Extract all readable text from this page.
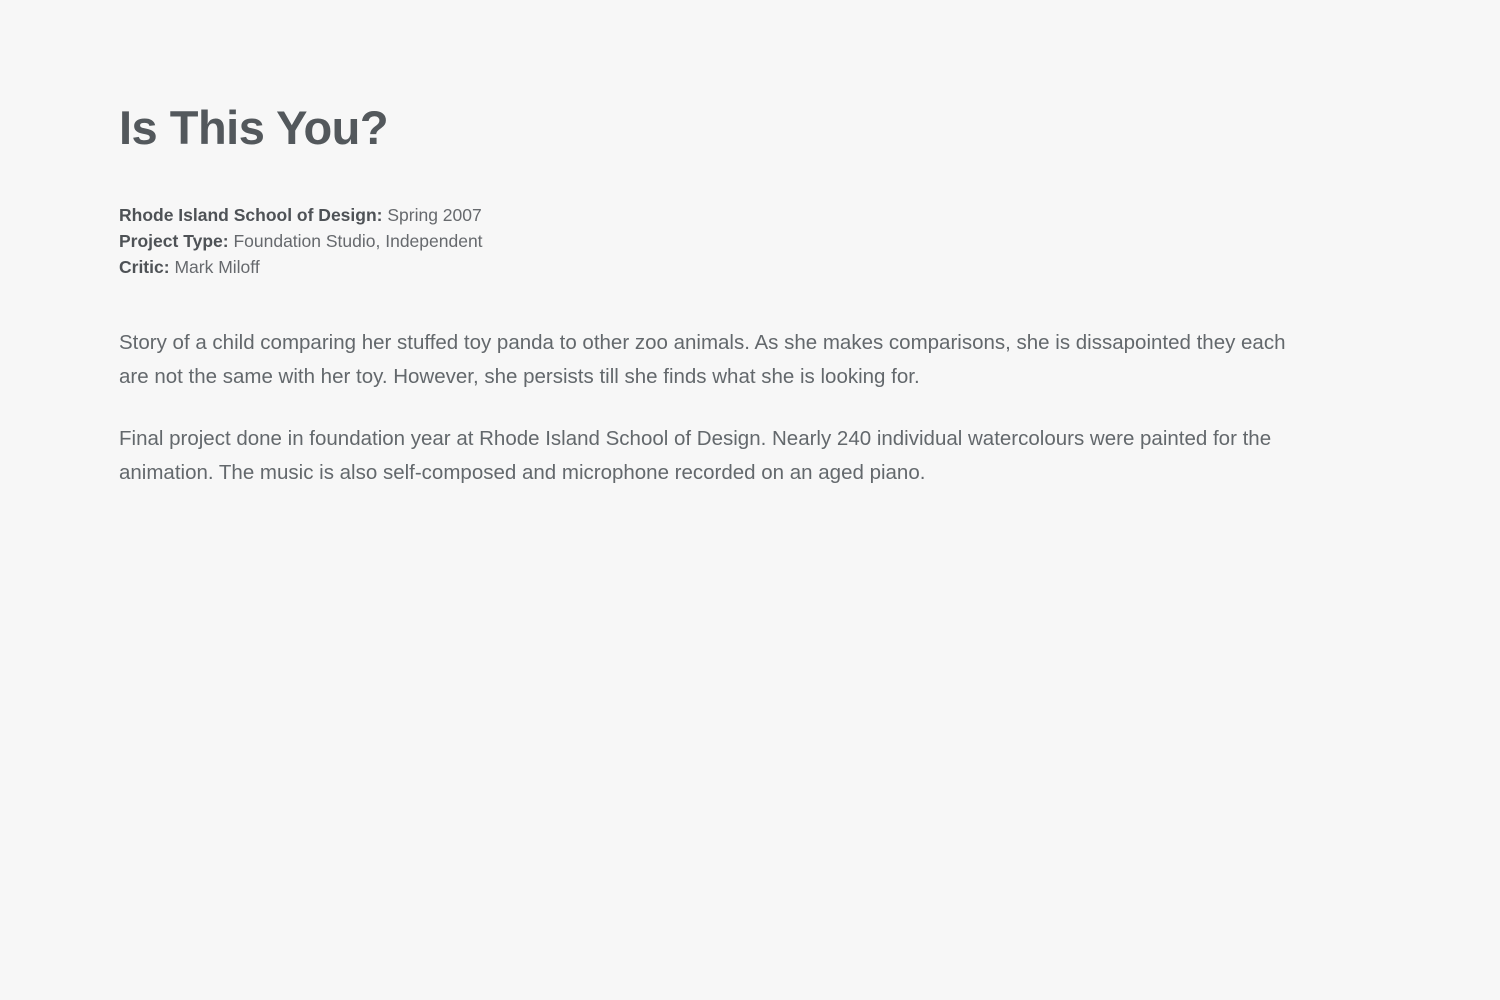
Is This You?
Rhode Island School of Design: Spring 2007
Project Type: Foundation Studio, Independent
Critic: Mark Miloff

Story of a child comparing her stuffed toy panda to other zoo animals. As she makes comparisons, she is dissapointed they each are not the same with her toy. However, she persists till she finds what she is looking for.

Final project done in foundation year at Rhode Island School of Design. Nearly 240 individual watercolours were painted for the animation. The music is also self-composed and microphone recorded on an aged piano.
